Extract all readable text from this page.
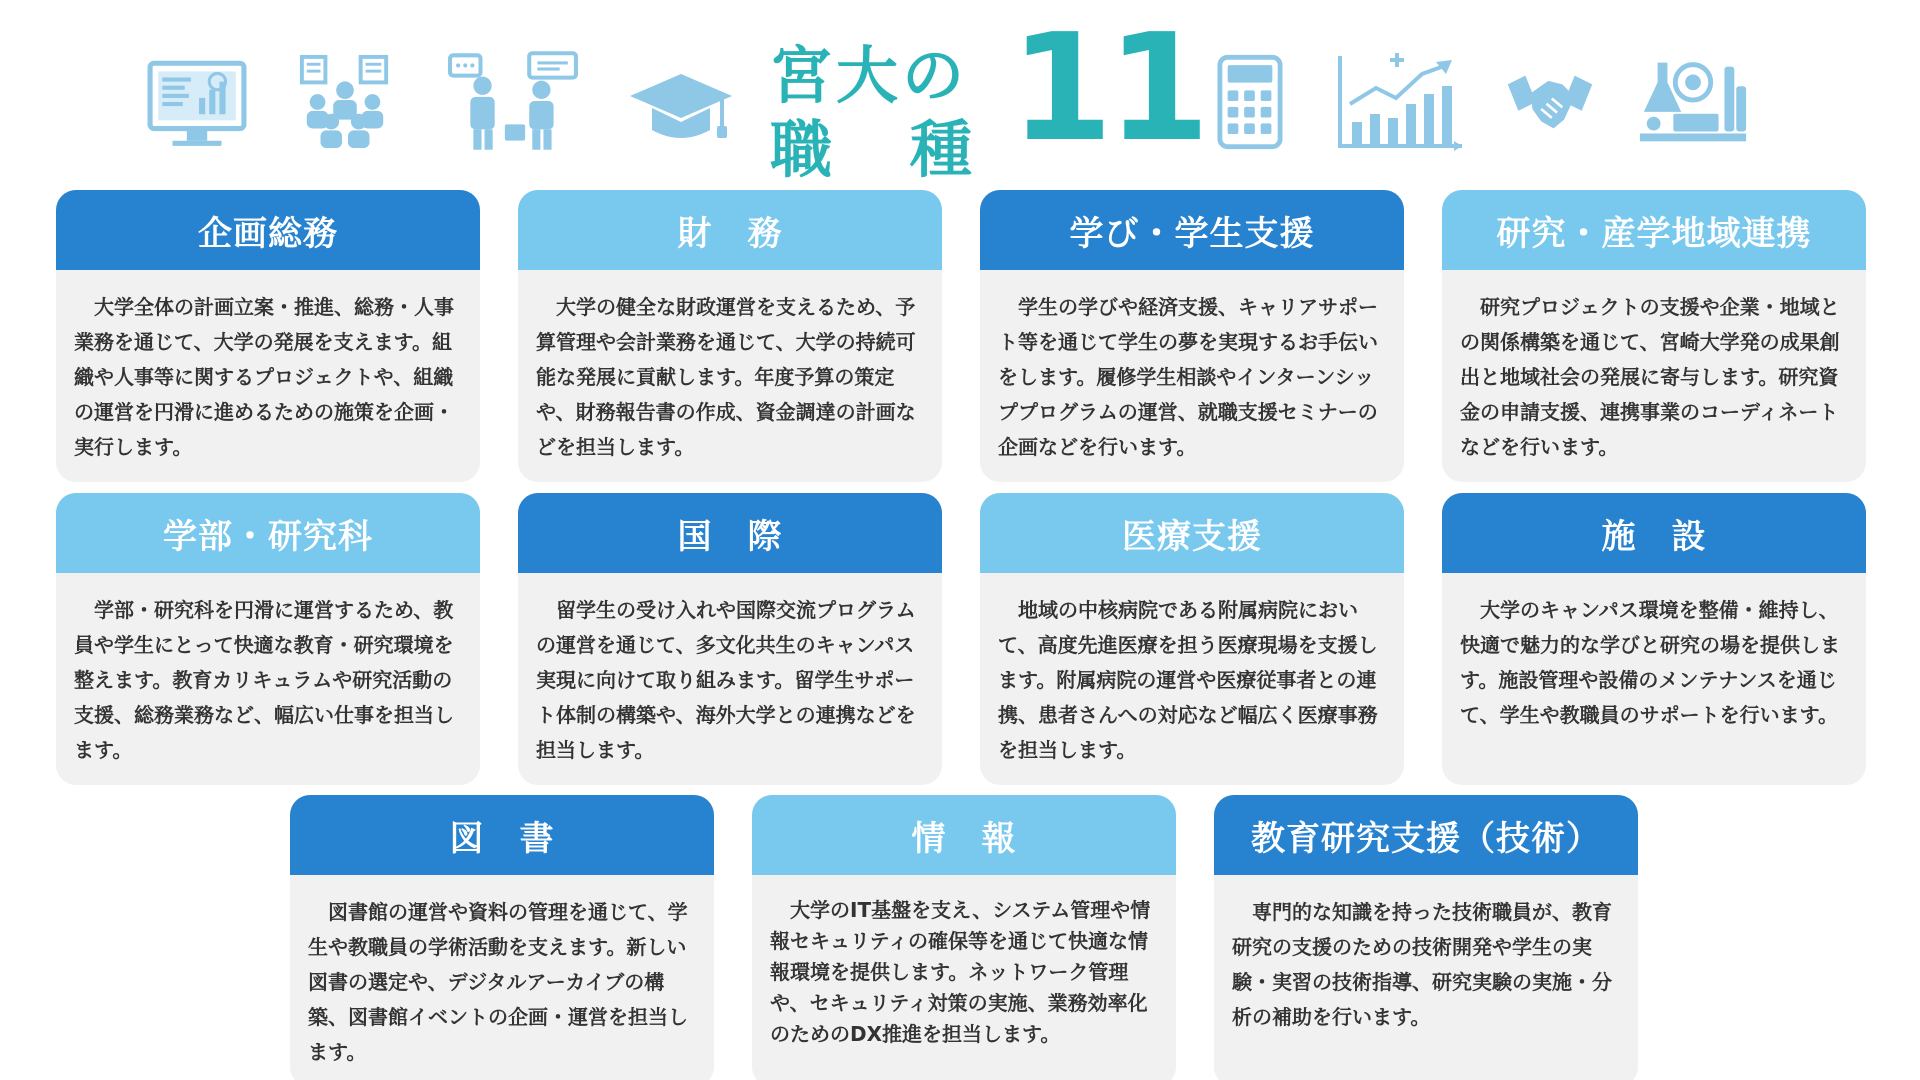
宮大の
職種
11
企画総務
　大学全体の計画立案・推進、総務・人事業務を通じて、大学の発展を支えます。組織や人事等に関するプロジェクトや、組織の運営を円滑に進めるための施策を企画・実行します。
財　務
　大学の健全な財政運営を支えるため、予算管理や会計業務を通じて、大学の持続可能な発展に貢献します。年度予算の策定や、財務報告書の作成、資金調達の計画などを担当します。
学び・学生支援
　学生の学びや経済支援、キャリアサポート等を通じて学生の夢を実現するお手伝いをします。履修学生相談やインターンシッププログラムの運営、就職支援セミナーの企画などを行います。
研究・産学地域連携
　研究プロジェクトの支援や企業・地域との関係構築を通じて、宮崎大学発の成果創出と地域社会の発展に寄与します。研究資金の申請支援、連携事業のコーディネートなどを行います。
学部・研究科
　学部・研究科を円滑に運営するため、教員や学生にとって快適な教育・研究環境を整えます。教育カリキュラムや研究活動の支援、総務業務など、幅広い仕事を担当します。
国　際
　留学生の受け入れや国際交流プログラムの運営を通じて、多文化共生のキャンパス実現に向けて取り組みます。留学生サポート体制の構築や、海外大学との連携などを担当します。
医療支援
　地域の中核病院である附属病院において、高度先進医療を担う医療現場を支援します。附属病院の運営や医療従事者との連携、患者さんへの対応など幅広く医療事務を担当します。
施　設
　大学のキャンパス環境を整備・維持し、快適で魅力的な学びと研究の場を提供します。施設管理や設備のメンテナンスを通じて、学生や教職員のサポートを行います。
図　書
　図書館の運営や資料の管理を通じて、学生や教職員の学術活動を支えます。新しい図書の選定や、デジタルアーカイブの構築、図書館イベントの企画・運営を担当します。
情　報
　大学のIT基盤を支え、システム管理や情報セキュリティの確保等を通じて快適な情報環境を提供します。ネットワーク管理や、セキュリティ対策の実施、業務効率化のためのDX推進を担当します。
教育研究支援（技術）
　専門的な知識を持った技術職員が、教育研究の支援のための技術開発や学生の実験・実習の技術指導、研究実験の実施・分析の補助を行います。
